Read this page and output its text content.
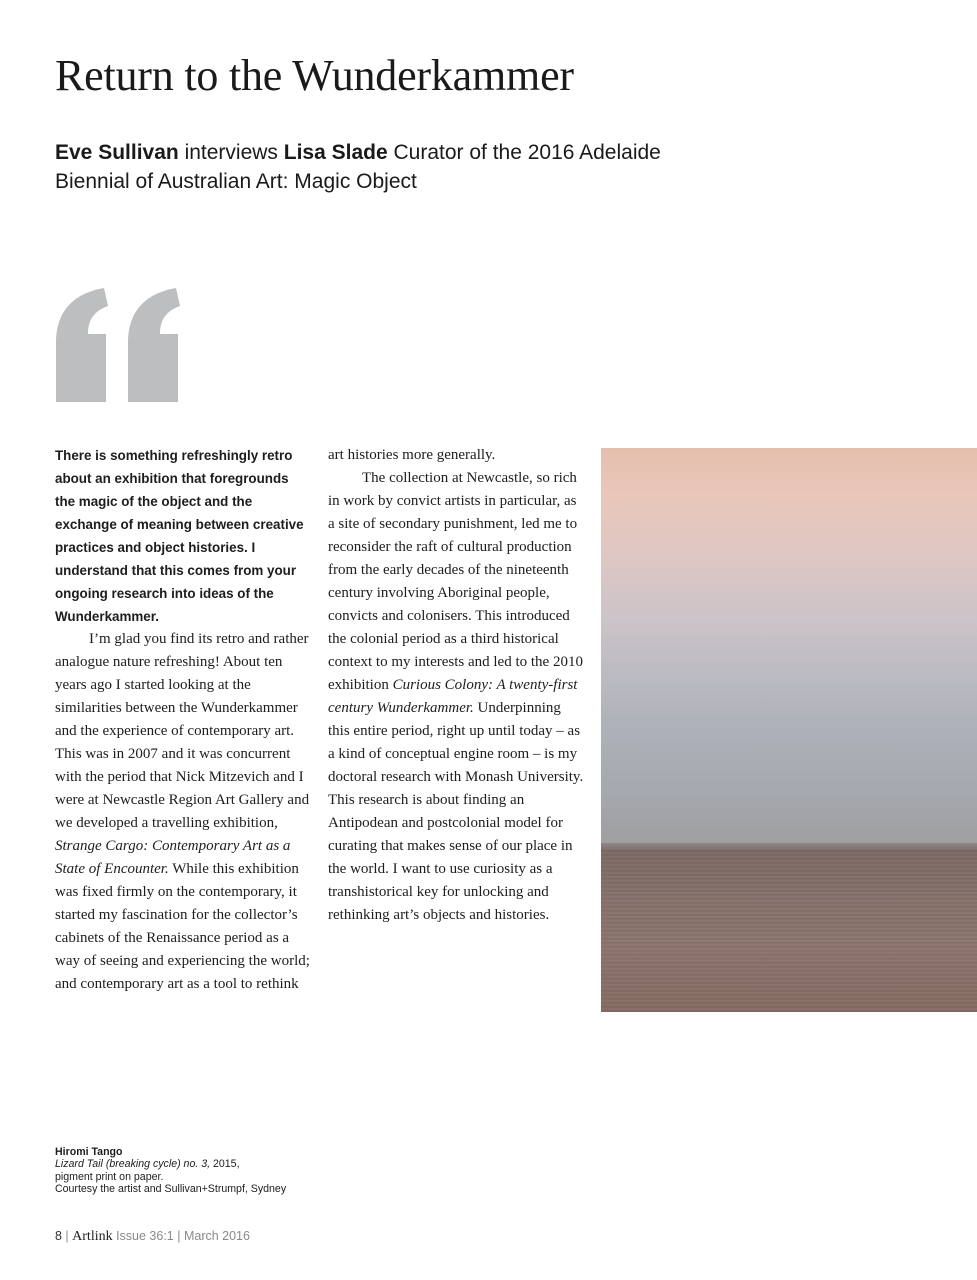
Return to the Wunderkammer

Eve Sullivan interviews Lisa Slade Curator of the 2016 Adelaide Biennial of Australian Art: Magic Object

There is something refreshingly retro about an exhibition that foregrounds the magic of the object and the exchange of meaning between creative practices and object histories. I understand that this comes from your ongoing research into ideas of the Wunderkammer.

I’m glad you find its retro and rather analogue nature refreshing! About ten years ago I started looking at the similarities between the Wunderkammer and the experience of contemporary art. This was in 2007 and it was concurrent with the period that Nick Mitzevich and I were at Newcastle Region Art Gallery and we developed a travelling exhibition, Strange Cargo: Contemporary Art as a State of Encounter. While this exhibition was fixed firmly on the contemporary, it started my fascination for the collector’s cabinets of the Renaissance period as a way of seeing and experiencing the world; and contemporary art as a tool to rethink

art histories more generally.

The collection at Newcastle, so rich in work by convict artists in particular, as a site of secondary punishment, led me to reconsider the raft of cultural production from the early decades of the nineteenth century involving Aboriginal people, convicts and colonisers. This introduced the colonial period as a third historical context to my interests and led to the 2010 exhibition Curious Colony: A twenty-first century Wunderkammer. Underpinning this entire period, right up until today – as a kind of conceptual engine room – is my doctoral research with Monash University. This research is about finding an Antipodean and postcolonial model for curating that makes sense of our place in the world. I want to use curiosity as a transhistorical key for unlocking and rethinking art’s objects and histories.

Hiromi Tango
Lizard Tail (breaking cycle) no. 3, 2015,
pigment print on paper.
Courtesy the artist and Sullivan+Strumpf, Sydney
8 | Artlink Issue 36:1 | March 2016
